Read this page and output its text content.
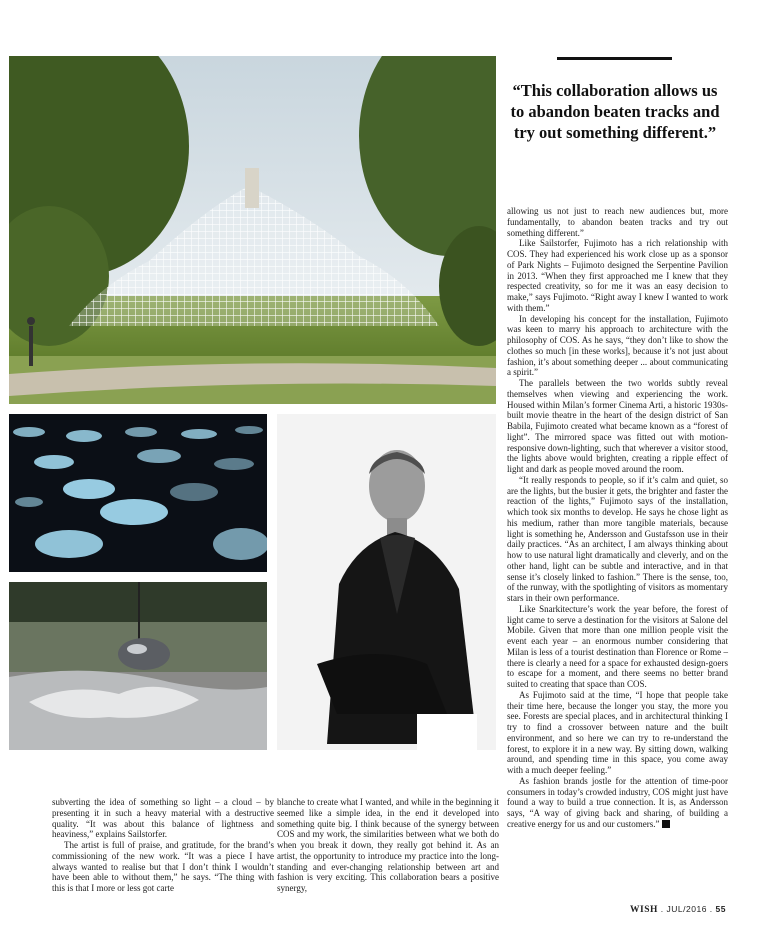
“This collaboration allows us to abandon beaten tracks and try out something different.”

allowing us not just to reach new audiences but, more fundamentally, to abandon beaten tracks and try out something different.”

Like Sailstorfer, Fujimoto has a rich relationship with COS. They had experienced his work close up as a sponsor of Park Nights – Fujimoto designed the Serpentine Pavilion in 2013. “When they first approached me I knew that they respected creativity, so for me it was an easy decision to make,” says Fujimoto. “Right away I knew I wanted to work with them.”

In developing his concept for the installation, Fujimoto was keen to marry his approach to architecture with the philosophy of COS. As he says, “they don’t like to show the clothes so much [in these works], because it’s not just about fashion, it’s about something deeper ... about communicating a spirit.”

The parallels between the two worlds subtly reveal themselves when viewing and experiencing the work. Housed within Milan’s former Cinema Arti, a historic 1930s-built movie theatre in the heart of the design district of San Babila, Fujimoto created what became known as a “forest of light”. The mirrored space was fitted out with motion-responsive down-lighting, such that wherever a visitor stood, the lights above would brighten, creating a ripple effect of light and dark as people moved around the room.

“It really responds to people, so if it’s calm and quiet, so are the lights, but the busier it gets, the brighter and faster the reaction of the lights,” Fujimoto says of the installation, which took six months to develop. He says he chose light as his medium, rather than more tangible materials, because light is something he, Andersson and Gustafsson use in their daily practices. “As an architect, I am always thinking about how to use natural light dramatically and cleverly, and on the other hand, light can be subtle and interactive, and in that sense it’s closely linked to fashion.” There is the sense, too, of the runway, with the spotlighting of visitors as momentary stars in their own performance.

Like Snarkitecture’s work the year before, the forest of light came to serve a destination for the visitors at Salone del Mobile. Given that more than one million people visit the event each year – an enormous number considering that Milan is less of a tourist destination than Florence or Rome – there is clearly a need for a space for exhausted design-goers to escape for a moment, and there seems no better brand suited to creating that space than COS.

As Fujimoto said at the time, “I hope that people take their time here, because the longer you stay, the more you see. Forests are special places, and in architectural thinking I try to find a crossover between nature and the built environment, and so here we can try to re-understand the forest, to explore it in a new way. By sitting down, walking around, and spending time in this space, you come away with a much deeper feeling.”

As fashion brands jostle for the attention of time-poor consumers in today’s crowded industry, COS might just have found a way to build a true connection. It is, as Andersson says, “A way of giving back and sharing, of building a creative energy for us and our customers.”

subverting the idea of something so light – a cloud – by presenting it in such a heavy material with a destructive quality. “It was about this balance of lightness and heaviness,” explains Sailstorfer.

The artist is full of praise, and gratitude, for the brand’s commissioning of the new work. “It was a piece I have always wanted to realise but that I don’t think I wouldn’t have been able to without them,” he says. “The thing with this is that I more or less got carte

blanche to create what I wanted, and while in the beginning it seemed like a simple idea, in the end it developed into something quite big. I think because of the synergy between COS and my work, the similarities between what we both do when you break it down, they really got behind it. As an artist, the opportunity to introduce my practice into the long-standing and ever-changing relationship between art and fashion is very exciting. This collaboration bears a positive synergy,

WISH . JUL/2016 . 55
